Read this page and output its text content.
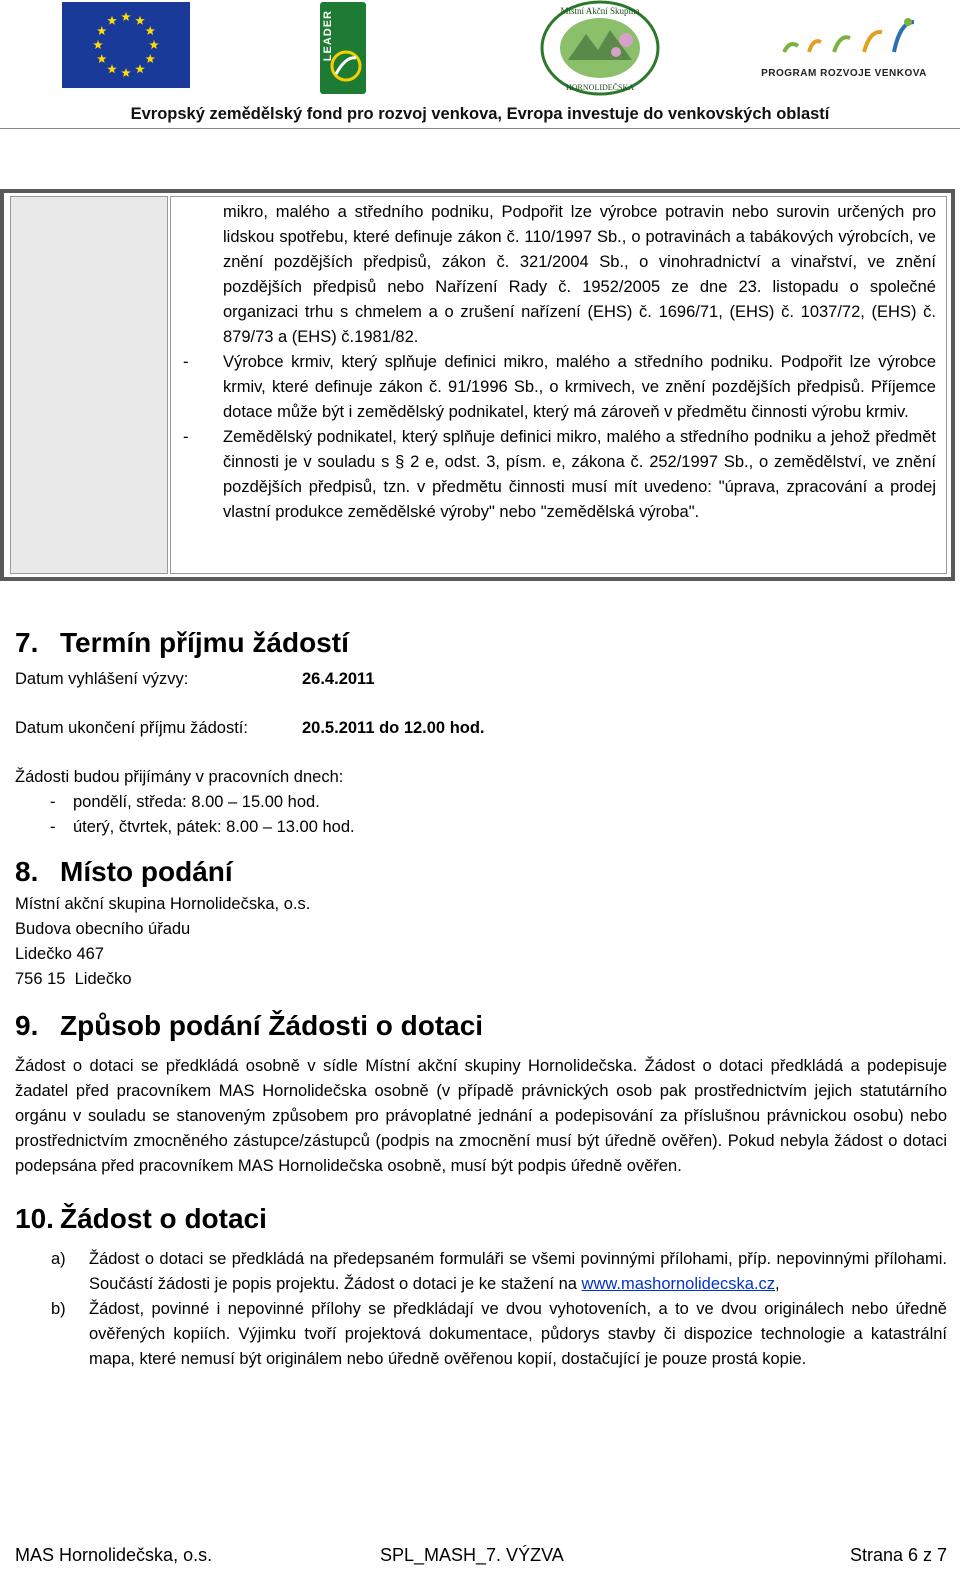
LEADER	Místní Akční Skupina
HORNOLIDEČSKA
PROGRAM ROZVOJE VENKOVA
Evropský zemědělský fond pro rozvoj venkova, Evropa investuje do venkovských oblastí
mikro, malého a středního podniku, Podpořit lze výrobce potravin nebo surovin určených pro lidskou spotřebu, které definuje zákon č. 110/1997 Sb., o potravinách a tabákových výrobcích, ve znění pozdějších předpisů, zákon č. 321/2004 Sb., o vinohradnictví a vinařství, ve znění pozdějších předpisů nebo Nařízení Rady č. 1952/2005 ze dne 23. listopadu o společné organizaci trhu s chmelem a o zrušení nařízení (EHS) č. 1696/71, (EHS) č. 1037/72, (EHS) č. 879/73 a (EHS) č.1981/82.
- Výrobce krmiv, který splňuje definici mikro, malého a středního podniku. Podpořit lze výrobce krmiv, které definuje zákon č. 91/1996 Sb., o krmivech, ve znění pozdějších předpisů. Příjemce dotace může být i zemědělský podnikatel, který má zároveň v předmětu činnosti výrobu krmiv.
- Zemědělský podnikatel, který splňuje definici mikro, malého a středního podniku a jehož předmět činnosti je v souladu s § 2 e, odst. 3, písm. e, zákona č. 252/1997 Sb., o zemědělství, ve znění pozdějších předpisů, tzn. v předmětu činnosti musí mít uvedeno: "úprava, zpracování a prodej vlastní produkce zemědělské výroby" nebo "zemědělská výroba".
7. Termín příjmu žádostí
Datum vyhlášení výzvy:	26.4.2011
Datum ukončení příjmu žádostí:	20.5.2011 do 12.00 hod.
Žádosti budou přijímány v pracovních dnech:
- pondělí, středa: 8.00 – 15.00 hod.
- úterý, čtvrtek, pátek: 8.00 – 13.00 hod.
8. Místo podání
Místní akční skupina Hornolidečska, o.s.
Budova obecního úřadu
Lidečko 467
756 15  Lidečko
9. Způsob podání Žádosti o dotaci
Žádost o dotaci se předkládá osobně v sídle Místní akční skupiny Hornolidečska. Žádost o dotaci předkládá a podepisuje žadatel před pracovníkem MAS Hornolidečska osobně (v případě právnických osob pak prostřednictvím jejich statutárního orgánu v souladu se stanoveným způsobem pro právoplatné jednání a podepisování za příslušnou právnickou osobu) nebo prostřednictvím zmocněného zástupce/zástupců (podpis na zmocnění musí být úředně ověřen). Pokud nebyla žádost o dotaci podepsána před pracovníkem MAS Hornolidečska osobně, musí být podpis úředně ověřen.
10. Žádost o dotaci
a) Žádost o dotaci se předkládá na předepsaném formuláři se všemi povinnými přílohami, příp. nepovinnými přílohami. Součástí žádosti je popis projektu. Žádost o dotaci je ke stažení na www.mashornolidecska.cz,
b) Žádost, povinné i nepovinné přílohy se předkládají ve dvou vyhotoveních, a to ve dvou originálech nebo úředně ověřených kopiích. Výjimku tvoří projektová dokumentace, půdorys stavby či dispozice technologie a katastrální mapa, které nemusí být originálem nebo úředně ověřenou kopií, dostačující je pouze prostá kopie.
MAS Hornolidečska, o.s.	SPL_MASH_7. VÝZVA	Strana 6 z 7
